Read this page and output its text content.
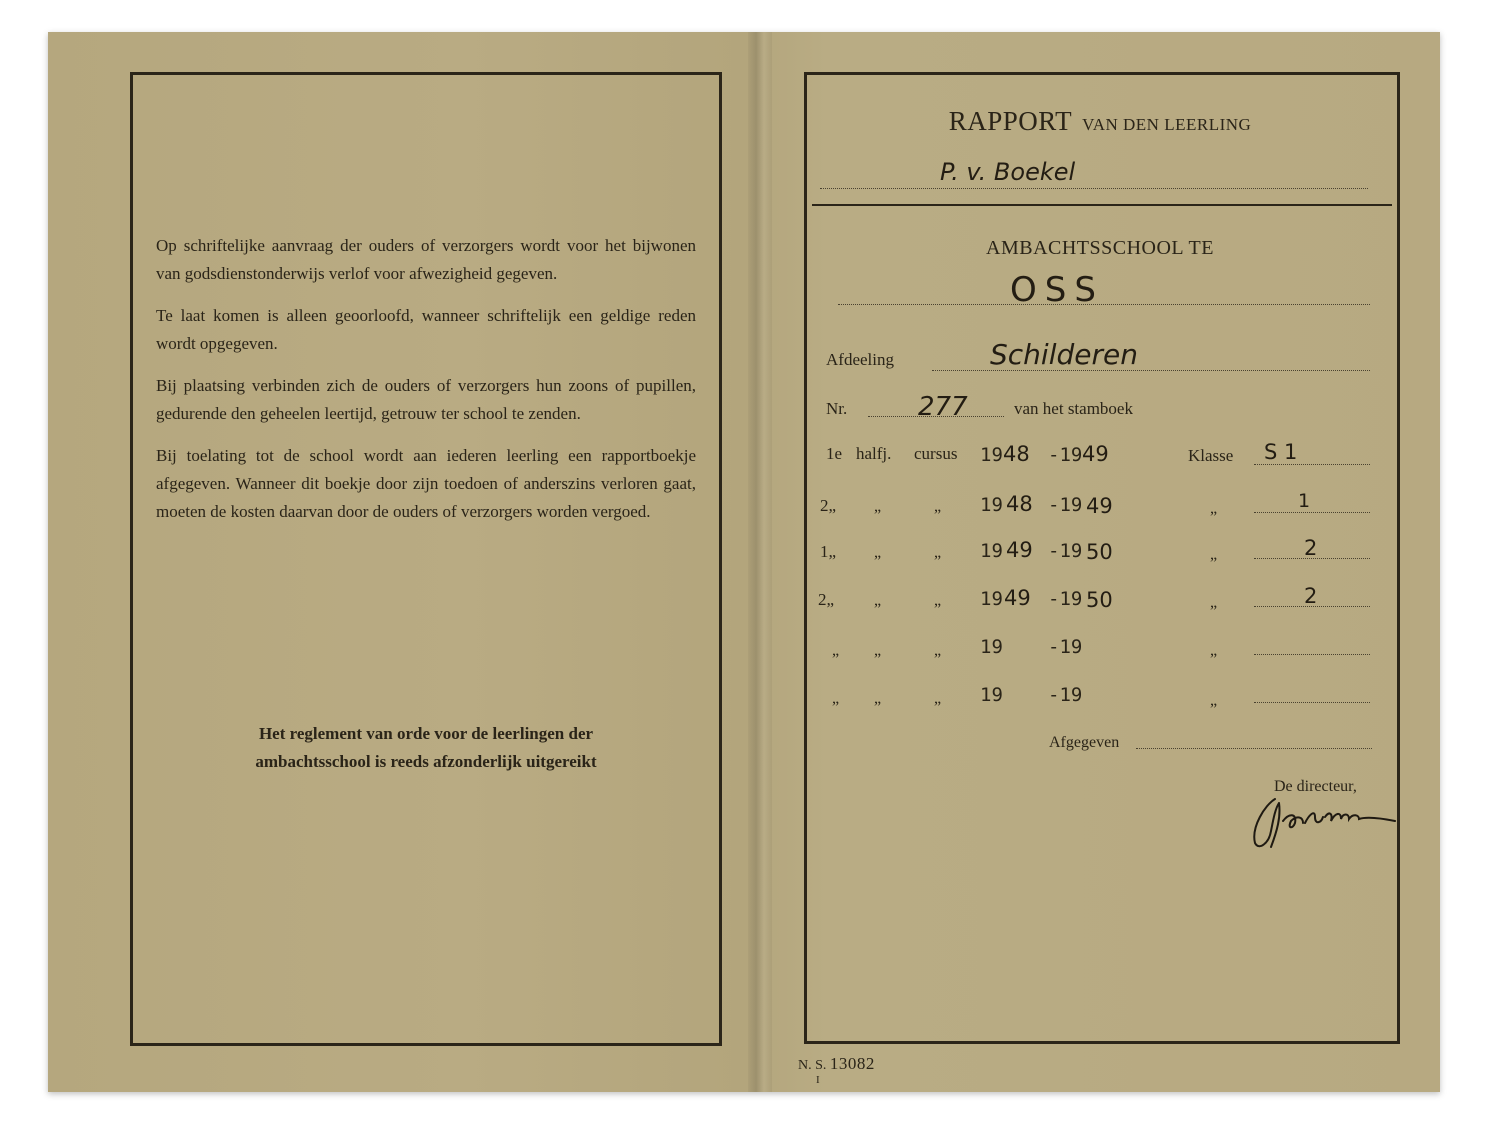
Op schriftelijke aanvraag der ouders of verzorgers wordt voor het bijwonen van godsdienstonderwijs verlof voor afwezigheid gegeven.

Te laat komen is alleen geoorloofd, wanneer schriftelijk een geldige reden wordt opgegeven.

Bij plaatsing verbinden zich de ouders of verzorgers hun zoons of pupillen, gedurende den geheelen leertijd, getrouw ter school te zenden.

Bij toelating tot de school wordt aan iederen leerling een rapportboekje afgegeven. Wanneer dit boekje door zijn toedoen of anderszins verloren gaat, moeten de kosten daarvan door de ouders of verzorgers worden vergoed.

Het reglement van orde voor de leerlingen der
ambachtsschool is reeds afzonderlijk uitgereikt
RAPPORT VAN DEN LEERLING
P. v. Boekel
AMBACHTSSCHOOL TE
OSS
Afdeeling	Schilderen
Nr.	277	van het stamboek
1e halfj. cursus 19 48 -19 49	Klasse S 1
2„ „	„ 19 48 -19 49	„	1
1„ „	„ 19 49 -19 50	„	2
2„ „	„ 19 49 -19 50	„	2
„ „	„ 19 -19	„
„ „	„ 19 -19	„
Afgegeven
De directeur,
N. S. 13082
I
